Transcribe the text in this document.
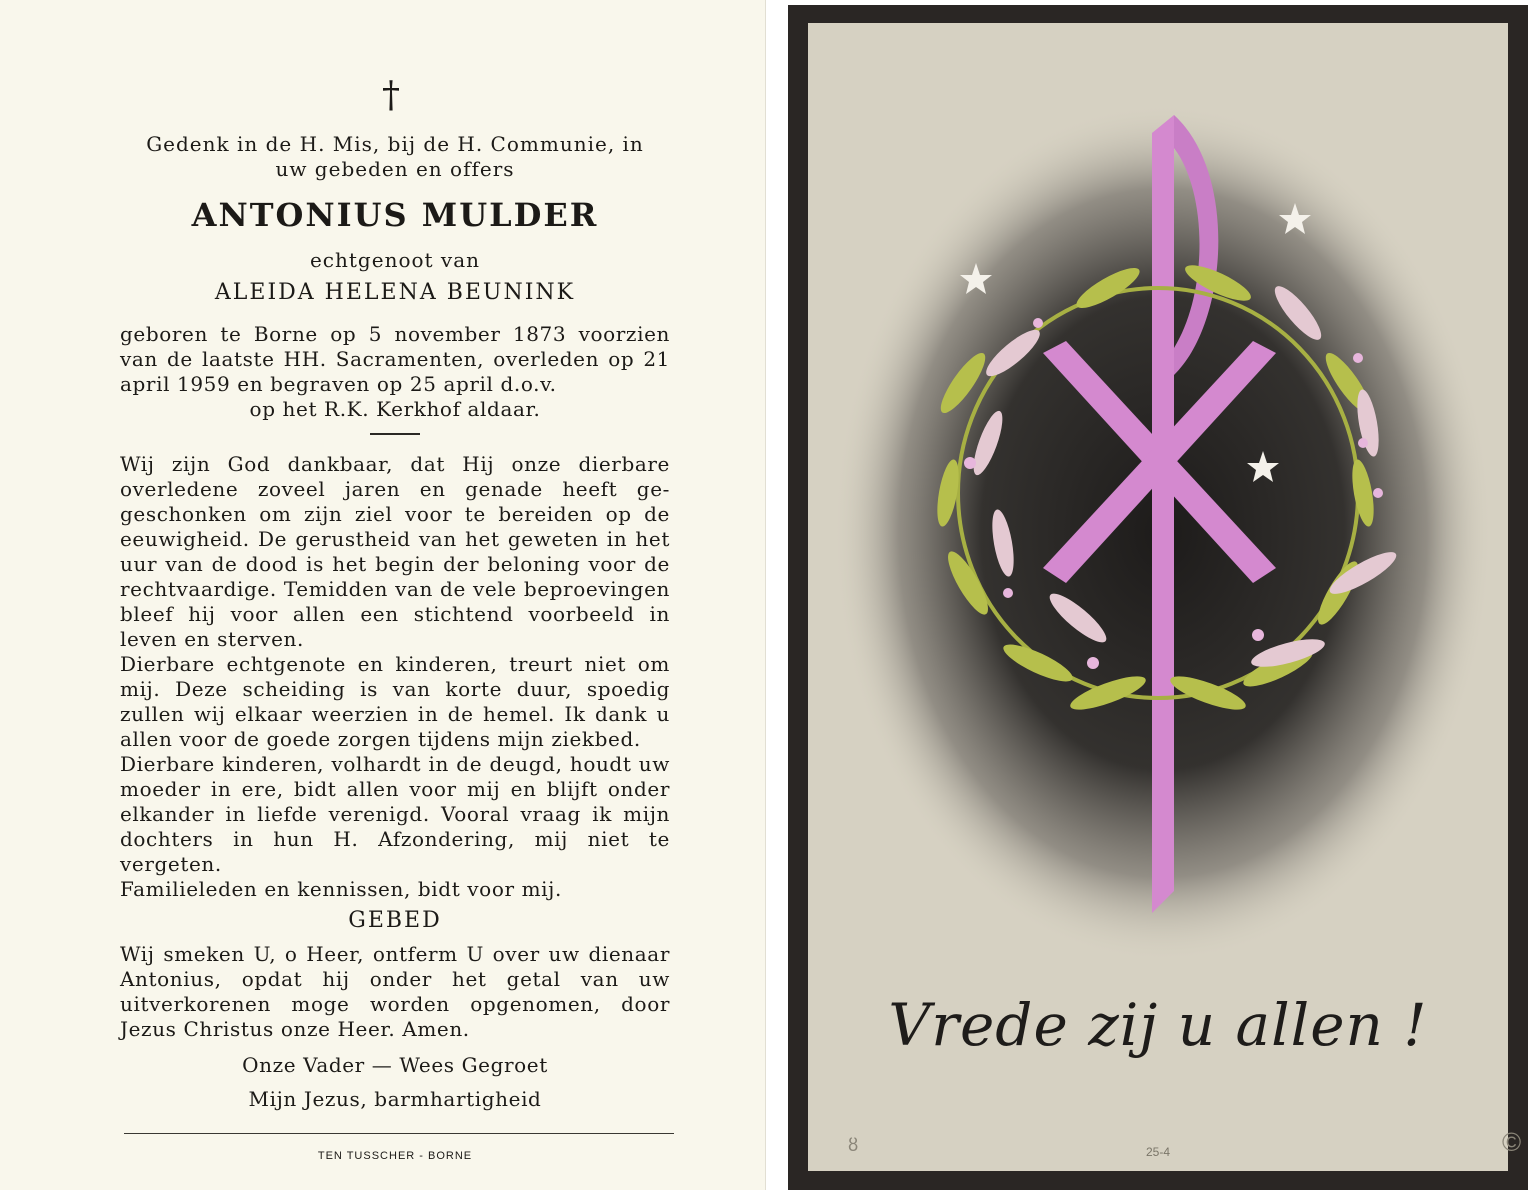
†
Gedenk in de H. Mis, bij de H. Communie, in
uw gebeden en offers
ANTONIUS MULDER
echtgenoot van
ALEIDA HELENA BEUNINK
geboren te Borne op 5 november 1873 voorzien van de laatste HH. Sacramenten, overleden op 21 april 1959 en begraven op 25 april d.o.v.
op het R.K. Kerkhof aldaar.

Wij zijn God dankbaar, dat Hij onze dierbare overledene zoveel jaren en genade heeft ge-geschonken om zijn ziel voor te bereiden op de eeuwigheid. De gerustheid van het geweten in het uur van de dood is het begin der beloning voor de rechtvaardige. Temidden van de vele beproevingen bleef hij voor allen een stichtend voorbeeld in leven en sterven.

Dierbare echtgenote en kinderen, treurt niet om mij. Deze scheiding is van korte duur, spoedig zullen wij elkaar weerzien in de hemel. Ik dank u allen voor de goede zorgen tijdens mijn ziekbed.

Dierbare kinderen, volhardt in de deugd, houdt uw moeder in ere, bidt allen voor mij en blijft onder elkander in liefde verenigd. Vooral vraag ik mijn dochters in hun H. Afzondering, mij niet te vergeten.

Familieleden en kennissen, bidt voor mij.

GEBED
Wij smeken U, o Heer, ontferm U over uw dienaar Antonius, opdat hij onder het getal van uw uitverkorenen moge worden opgenomen, door Jezus Christus onze Heer. Amen.
Onze Vader — Wees Gegroet
Mijn Jezus, barmhartigheid
TEN TUSSCHER - BORNE
Vrede zij u allen !
ȣ	25-4	©
